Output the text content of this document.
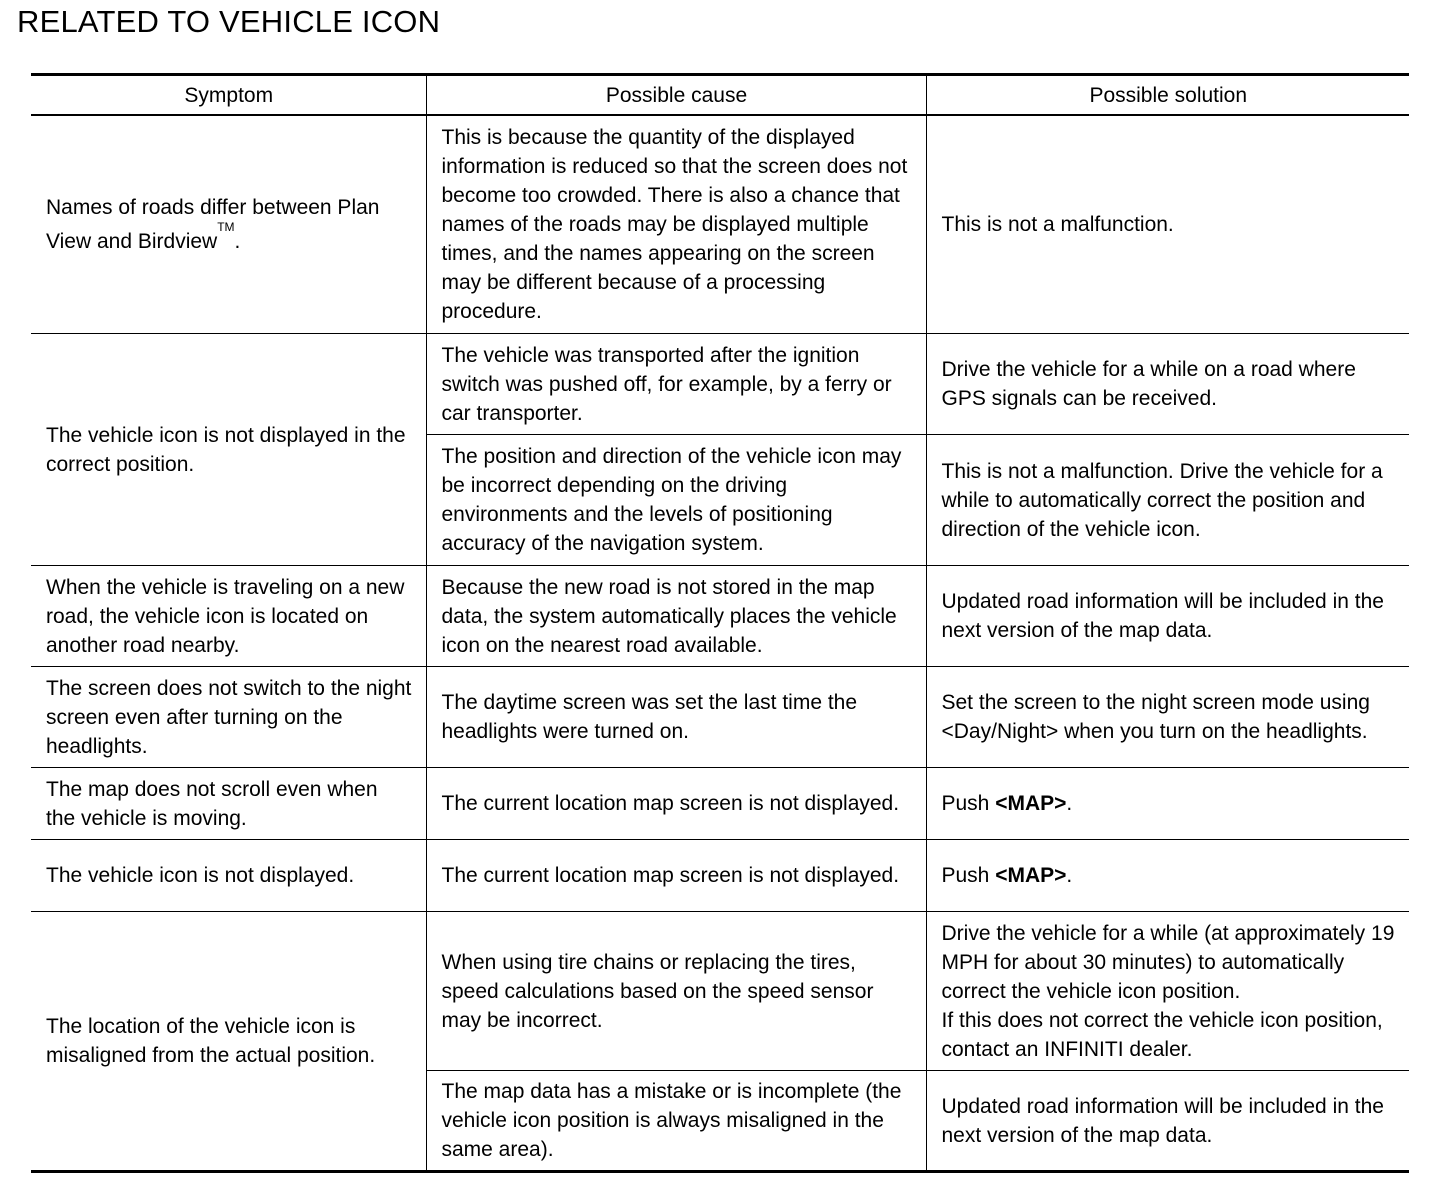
RELATED TO VEHICLE ICON
Symptom	Possible cause	Possible solution

Names of roads differ between Plan View and Birdview™.	This is because the quantity of the displayed information is reduced so that the screen does not become too crowded. There is also a chance that names of the roads may be displayed multiple times, and the names appearing on the screen may be different because of a processing procedure.	This is not a malfunction.
The vehicle icon is not displayed in the correct position.	The vehicle was transported after the ignition switch was pushed off, for example, by a ferry or car transporter.	Drive the vehicle for a while on a road where GPS signals can be received.
	The position and direction of the vehicle icon may be incorrect depending on the driving environments and the levels of positioning accuracy of the navigation system.	This is not a malfunction. Drive the vehicle for a while to automatically correct the position and direction of the vehicle icon.
When the vehicle is traveling on a new road, the vehicle icon is located on another road nearby.	Because the new road is not stored in the map data, the system automatically places the vehicle icon on the nearest road available.	Updated road information will be included in the next version of the map data.
The screen does not switch to the night screen even after turning on the headlights.	The daytime screen was set the last time the headlights were turned on.	Set the screen to the night screen mode using <Day/Night> when you turn on the headlights.
The map does not scroll even when the vehicle is moving.	The current location map screen is not displayed.	Push <MAP>.
The vehicle icon is not displayed.	The current location map screen is not displayed.	Push <MAP>.
The location of the vehicle icon is misaligned from the actual position.	When using tire chains or replacing the tires, speed calculations based on the speed sensor may be incorrect.	Drive the vehicle for a while (at approximately 19 MPH for about 30 minutes) to automatically correct the vehicle icon position.
If this does not correct the vehicle icon position, contact an INFINITI dealer.

	The map data has a mistake or is incomplete (the vehicle icon position is always misaligned in the same area).	Updated road information will be included in the next version of the map data.
